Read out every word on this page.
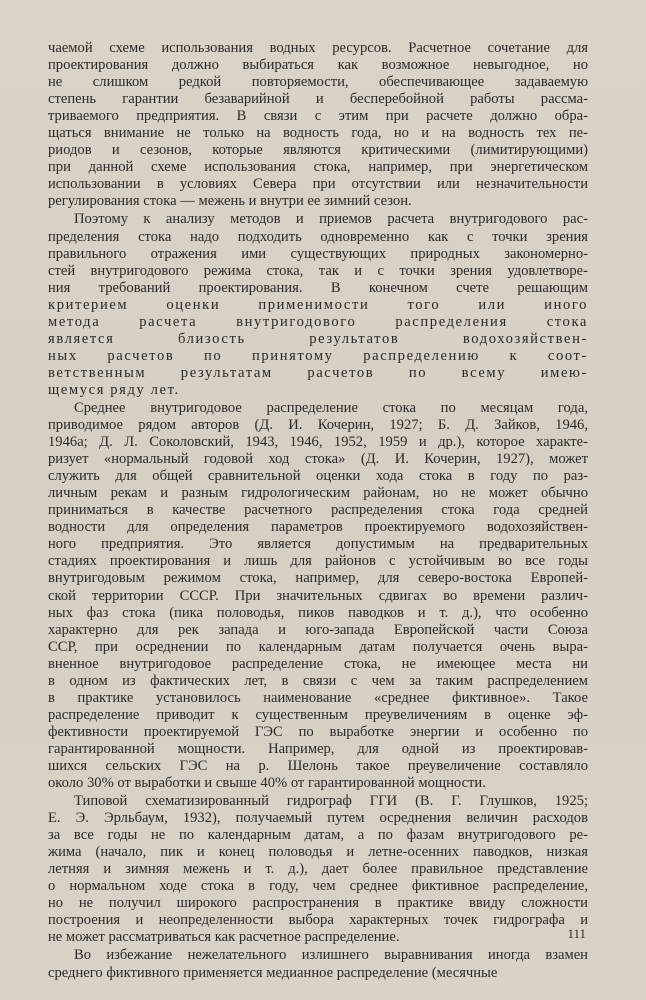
чаемой схеме использования водных ресурсов. Расчетное сочетание для
проектирования должно выбираться как возможное невыгодное, но
не слишком редкой повторяемости, обеспечивающее задаваемую
степень гарантии безаварийной и бесперебойной работы рассма-
триваемого предприятия. В связи с этим при расчете должно обра-
щаться внимание не только на водность года, но и на водность тех пе-
риодов и сезонов, которые являются критическими (лимитирующими)
при данной схеме использования стока, например, при энергетическом
использовании в условиях Севера при отсутствии или незначительности
регулирования стока — межень и внутри ее зимний сезон.

Поэтому к анализу методов и приемов расчета внутригодового рас-
пределения стока надо подходить одновременно как с точки зрения
правильного отражения ими существующих природных закономерно-
стей внутригодового режима стока, так и с точки зрения удовлетворе-
ния требований проектирования. В конечном счете решающим
критерием оценки применимости того или иного
метода расчета внутригодового распределения стока
является близость результатов водохозяйствен-
ных расчетов по принятому распределению к соот-
ветственным результатам расчетов по всему имею-
щемуся ряду лет.

Среднее внутригодовое распределение стока по месяцам года,
приводимое рядом авторов (Д. И. Кочерин, 1927; Б. Д. Зайков, 1946,
1946а; Д. Л. Соколовский, 1943, 1946, 1952, 1959 и др.), которое характе-
ризует «нормальный годовой ход стока» (Д. И. Кочерин, 1927), может
служить для общей сравнительной оценки хода стока в году по раз-
личным рекам и разным гидрологическим районам, но не может обычно
приниматься в качестве расчетного распределения стока года средней
водности для определения параметров проектируемого водохозяйствен-
ного предприятия. Это является допустимым на предварительных
стадиях проектирования и лишь для районов с устойчивым во все годы
внутригодовым режимом стока, например, для северо-востока Европей-
ской территории СССР. При значительных сдвигах во времени различ-
ных фаз стока (пика половодья, пиков паводков и т. д.), что особенно
характерно для рек запада и юго-запада Европейской части Союза
ССР, при осреднении по календарным датам получается очень выра-
вненное внутригодовое распределение стока, не имеющее места ни
в одном из фактических лет, в связи с чем за таким распределением
в практике установилось наименование «среднее фиктивное». Такое
распределение приводит к существенным преувеличениям в оценке эф-
фективности проектируемой ГЭС по выработке энергии и особенно по
гарантированной мощности. Например, для одной из проектировав-
шихся сельских ГЭС на р. Шелонь такое преувеличение составляло
около 30% от выработки и свыше 40% от гарантированной мощности.

Типовой схематизированный гидрограф ГГИ (В. Г. Глушков, 1925;
Е. Э. Эрльбаум, 1932), получаемый путем осреднения величин расходов
за все годы не по календарным датам, а по фазам внутригодового ре-
жима (начало, пик и конец половодья и летне-осенних паводков, низкая
летняя и зимняя межень и т. д.), дает более правильное представление
о нормальном ходе стока в году, чем среднее фиктивное распределение,
но не получил широкого распространения в практике ввиду сложности
построения и неопределенности выбора характерных точек гидрографа и
не может рассматриваться как расчетное распределение.

Во избежание нежелательного излишнего выравнивания иногда взамен
среднего фиктивного применяется медианное распределение (месячные

111
